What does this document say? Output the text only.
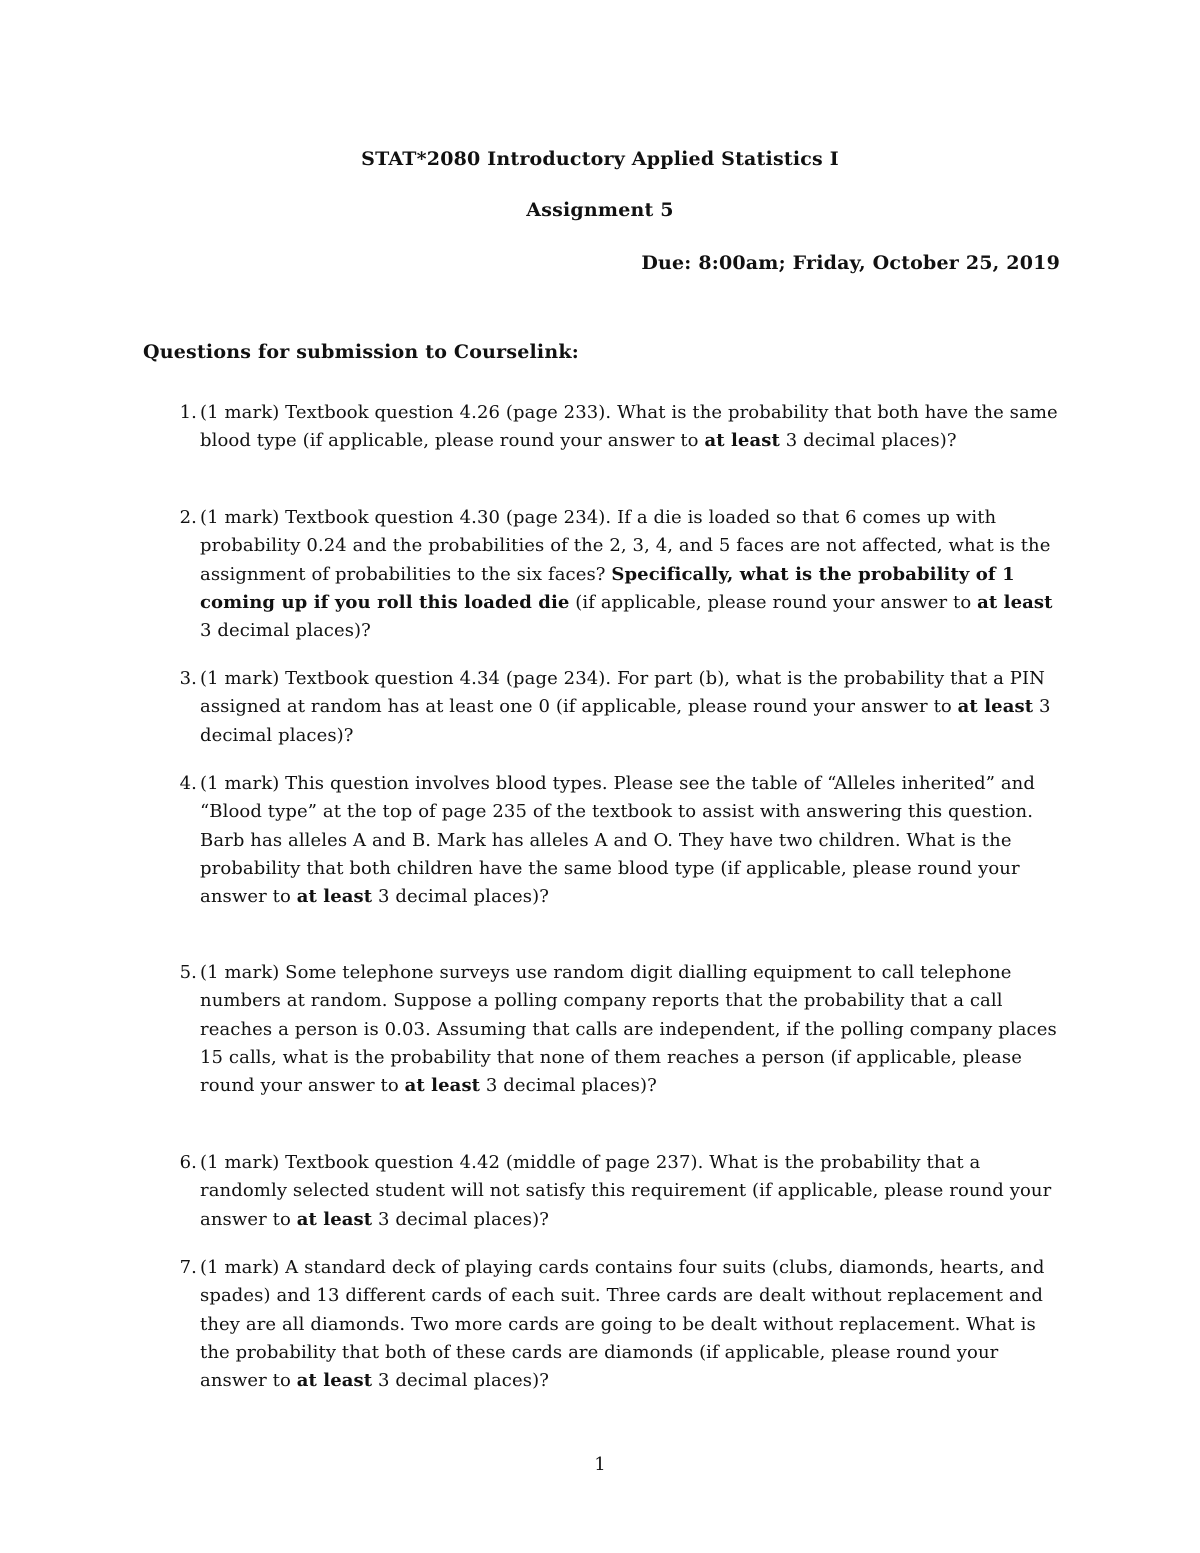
STAT*2080 Introductory Applied Statistics I
Assignment 5
Due: 8:00am; Friday, October 25, 2019
Questions for submission to Courselink:
1. (1 mark) Textbook question 4.26 (page 233). What is the probability that both have the same blood type (if applicable, please round your answer to at least 3 decimal places)?
2. (1 mark) Textbook question 4.30 (page 234). If a die is loaded so that 6 comes up with probability 0.24 and the probabilities of the 2, 3, 4, and 5 faces are not affected, what is the assignment of probabilities to the six faces? Specifically, what is the probability of 1 coming up if you roll this loaded die (if applicable, please round your answer to at least 3 decimal places)?
3. (1 mark) Textbook question 4.34 (page 234). For part (b), what is the probability that a PIN assigned at random has at least one 0 (if applicable, please round your answer to at least 3 decimal places)?
4. (1 mark) This question involves blood types. Please see the table of “Alleles inherited” and “Blood type” at the top of page 235 of the textbook to assist with answering this question.
Barb has alleles A and B. Mark has alleles A and O. They have two children. What is the probability that both children have the same blood type (if applicable, please round your answer to at least 3 decimal places)?
5. (1 mark) Some telephone surveys use random digit dialling equipment to call telephone numbers at random. Suppose a polling company reports that the probability that a call reaches a person is 0.03. Assuming that calls are independent, if the polling company places 15 calls, what is the probability that none of them reaches a person (if applicable, please round your answer to at least 3 decimal places)?
6. (1 mark) Textbook question 4.42 (middle of page 237). What is the probability that a randomly selected student will not satisfy this requirement (if applicable, please round your answer to at least 3 decimal places)?
7. (1 mark) A standard deck of playing cards contains four suits (clubs, diamonds, hearts, and spades) and 13 different cards of each suit. Three cards are dealt without replacement and they are all diamonds. Two more cards are going to be dealt without replacement. What is the probability that both of these cards are diamonds (if applicable, please round your answer to at least 3 decimal places)?
1
